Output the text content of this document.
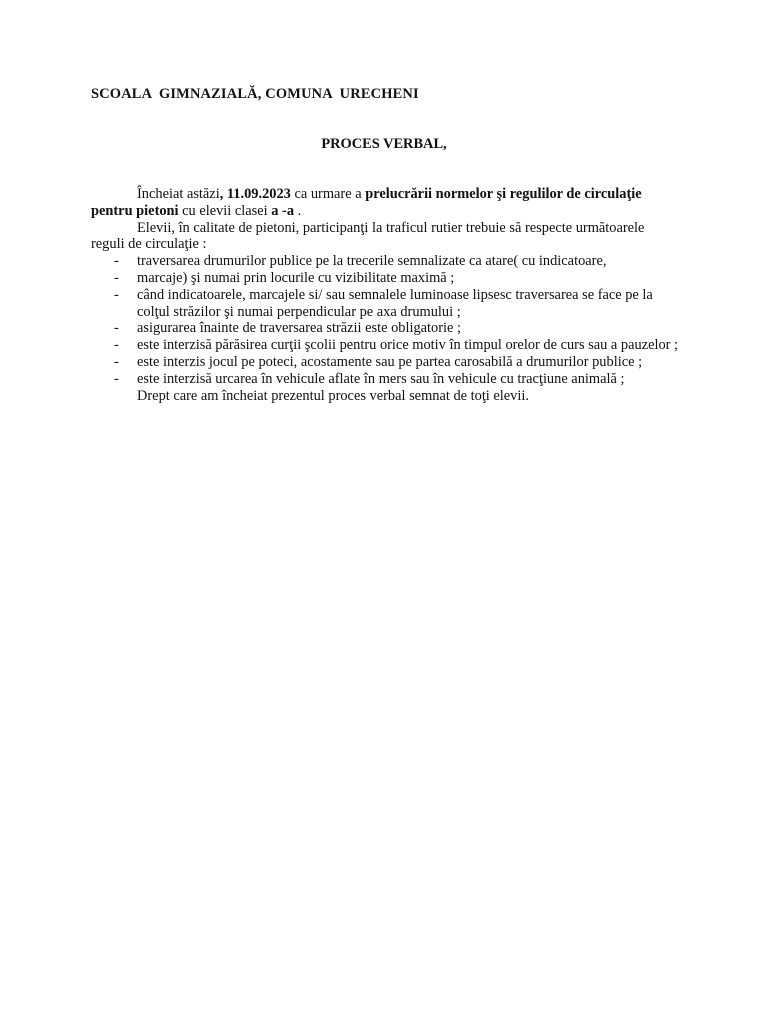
SCOALA  GIMNAZIALĂ, COMUNA  URECHENI
PROCES VERBAL,

Încheiat astăzi, 11.09.2023 ca urmare a prelucrării normelor şi regulilor de circulaţie pentru pietoni cu elevii clasei a -a .

Elevii, în calitate de pietoni, participanţi la traficul rutier trebuie să respecte următoarele reguli de circulaţie :

- traversarea drumurilor publice pe la trecerile semnalizate ca atare( cu indicatoare,
- marcaje) şi numai prin locurile cu vizibilitate maximă ;
- când indicatoarele, marcajele si/ sau semnalele luminoase lipsesc traversarea se face pe la colţul străzilor şi numai perpendicular pe axa drumului ;
- asigurarea înainte de traversarea străzii este obligatorie ;
- este interzisă părăsirea curţii şcolii pentru orice motiv în timpul orelor de curs sau a pauzelor ;
- este interzis jocul pe poteci, acostamente sau pe partea carosabilă a drumurilor publice ;
- este interzisă urcarea în vehicule aflate în mers sau în vehicule cu tracţiune animală ;

Drept care am încheiat prezentul proces verbal semnat de toţi elevii.
